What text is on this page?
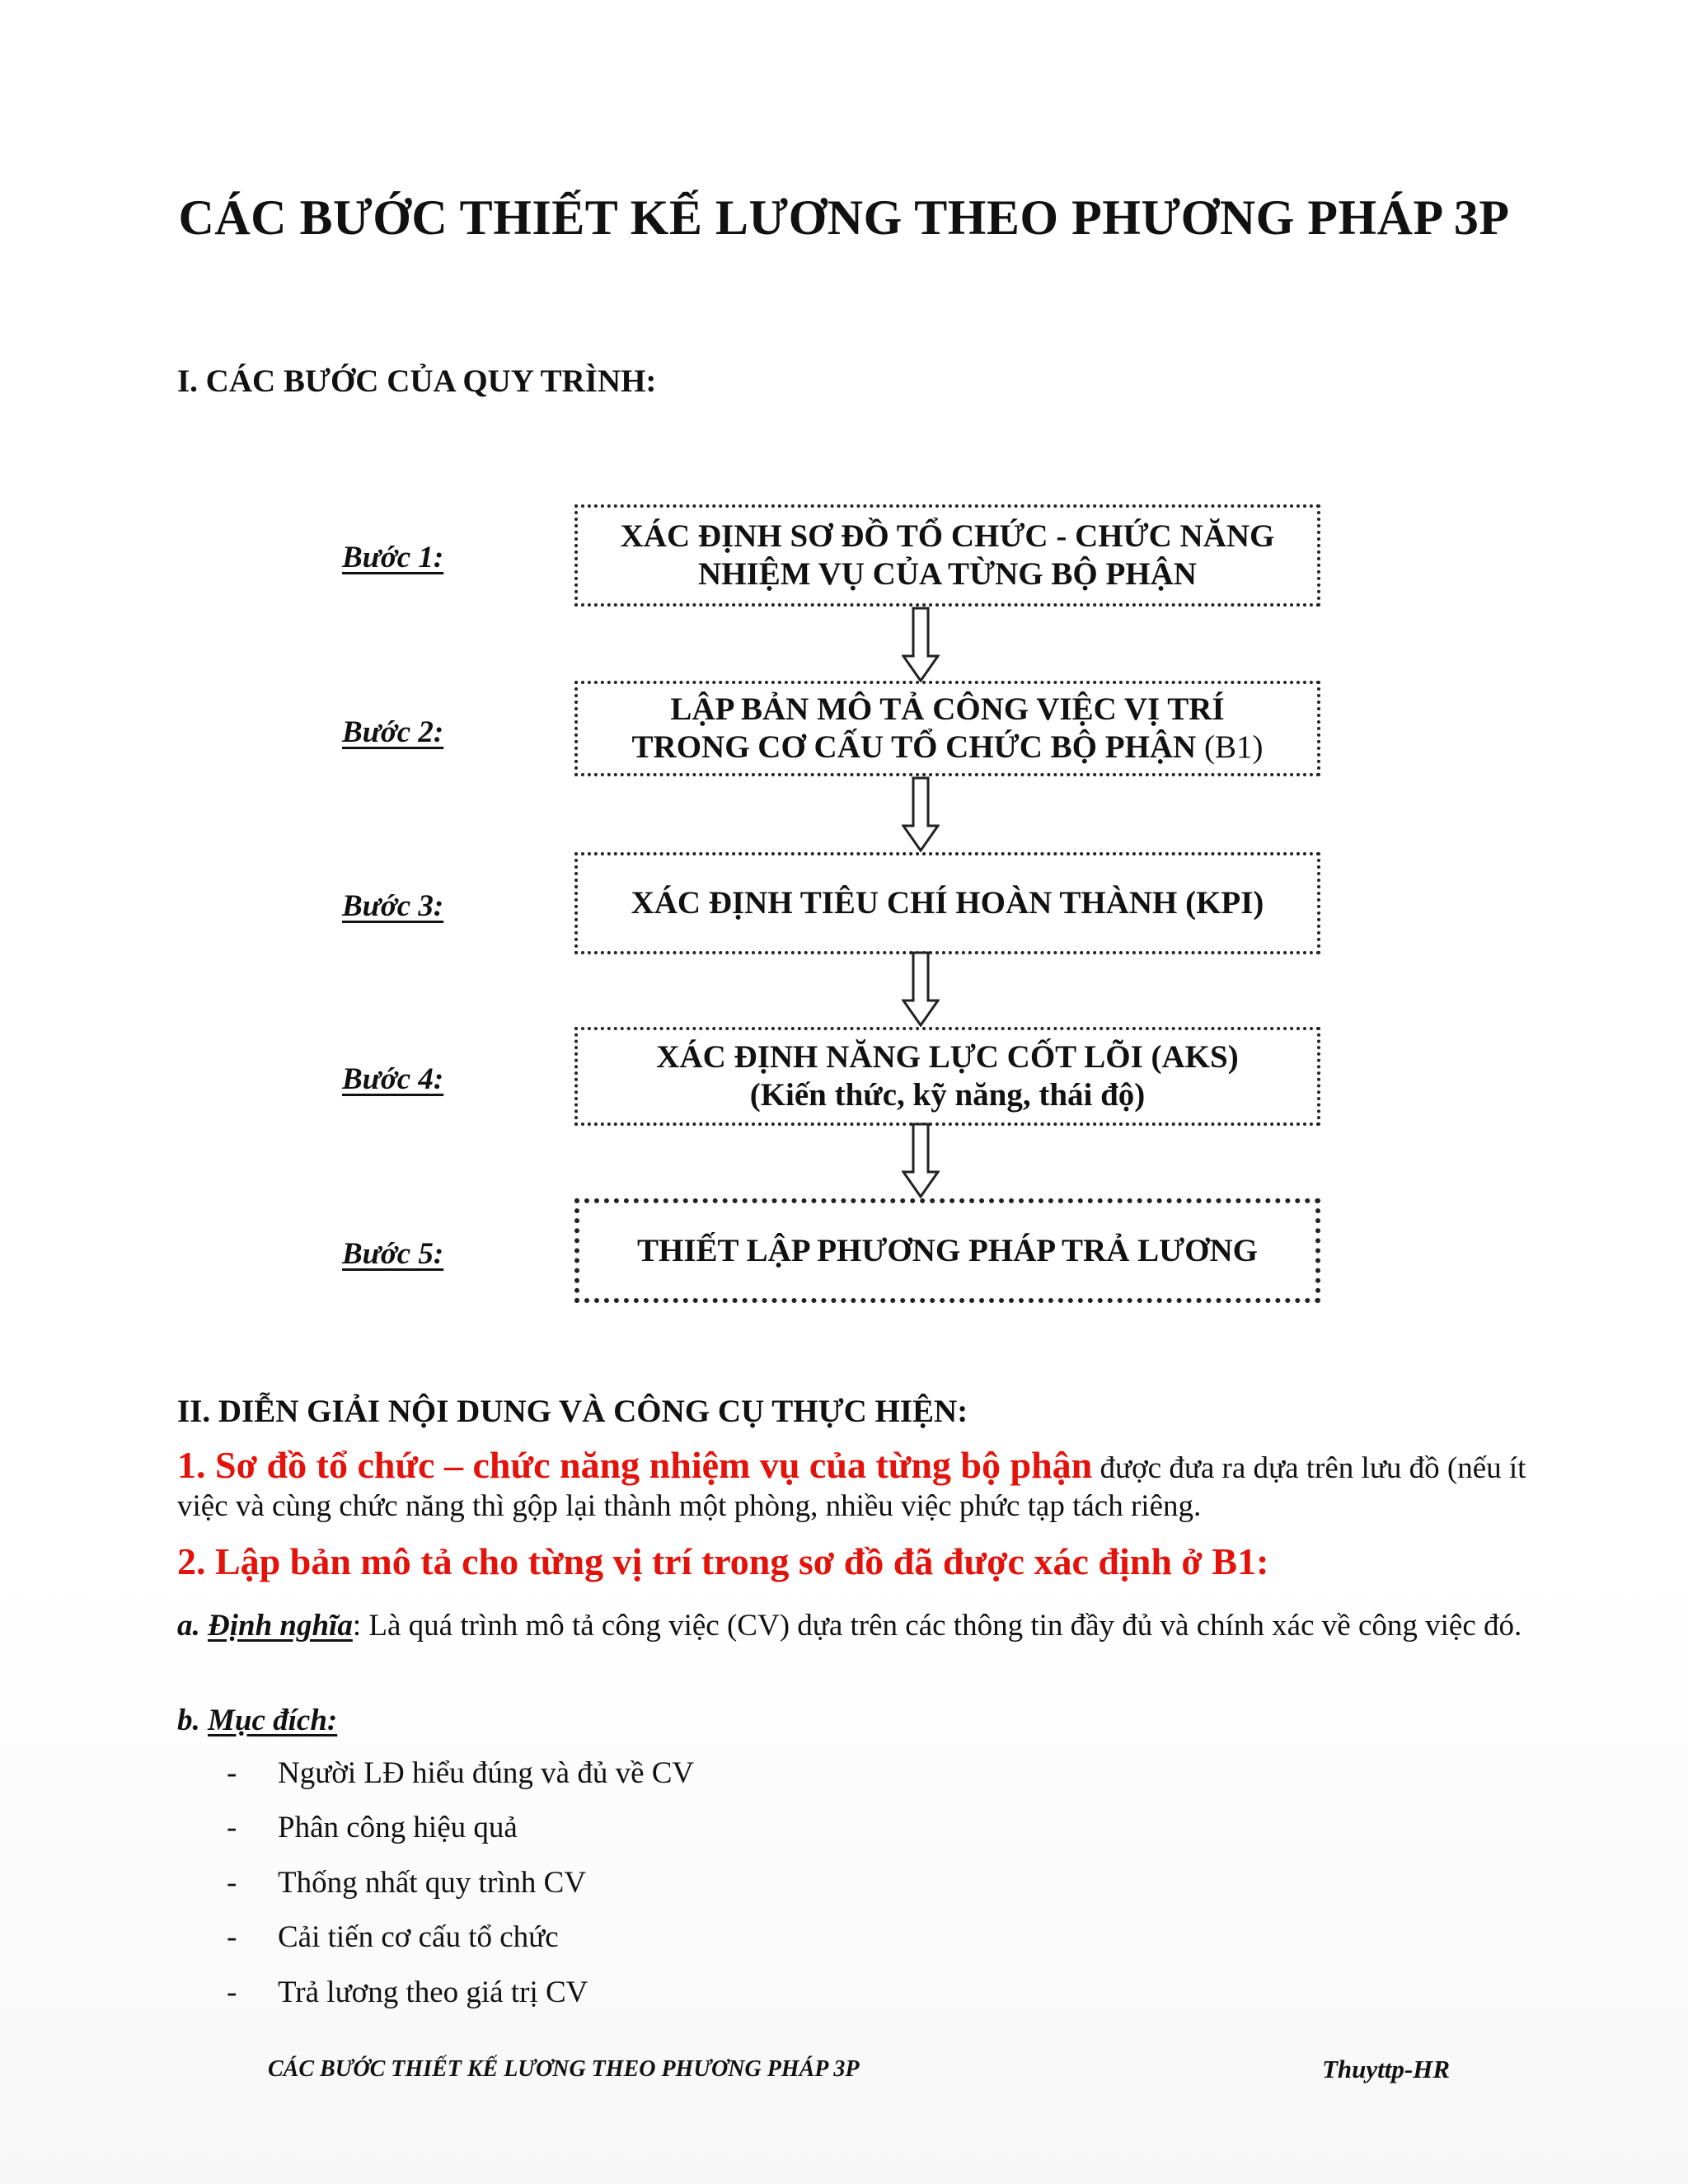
CÁC BƯỚC THIẾT KẾ LƯƠNG THEO PHƯƠNG PHÁP 3P
I. CÁC BƯỚC CỦA QUY TRÌNH:
Bước 1:
XÁC ĐỊNH SƠ ĐỒ TỔ CHỨC - CHỨC NĂNG
NHIỆM VỤ CỦA TỪNG BỘ PHẬN
Bước 2:
LẬP BẢN MÔ TẢ CÔNG VIỆC VỊ TRÍ
TRONG CƠ CẤU TỔ CHỨC BỘ PHẬN (B1)
Bước 3:	XÁC ĐỊNH TIÊU CHÍ HOÀN THÀNH (KPI)
Bước 4:
XÁC ĐỊNH NĂNG LỰC CỐT LÕI (AKS)
(Kiến thức, kỹ năng, thái độ)
Bước 5:	THIẾT LẬP PHƯƠNG PHÁP TRẢ LƯƠNG
II. DIỄN GIẢI NỘI DUNG VÀ CÔNG CỤ THỰC HIỆN:
1. Sơ đồ tổ chức – chức năng nhiệm vụ của từng bộ phận được đưa ra dựa trên lưu đồ (nếu ít việc và cùng chức năng thì gộp lại thành một phòng, nhiều việc phức tạp tách riêng.
2. Lập bản mô tả cho từng vị trí trong sơ đồ đã được xác định ở B1:
a. Định nghĩa: Là quá trình mô tả công việc (CV) dựa trên các thông tin đầy đủ và chính xác về công việc đó.
b. Mục đích:
- Người LĐ hiểu đúng và đủ về CV
- Phân công hiệu quả
- Thống nhất quy trình CV
- Cải tiến cơ cấu tổ chức
- Trả lương theo giá trị CV
CÁC BƯỚC THIẾT KẾ LƯƠNG THEO PHƯƠNG PHÁP 3P	Thuyttp-HR
